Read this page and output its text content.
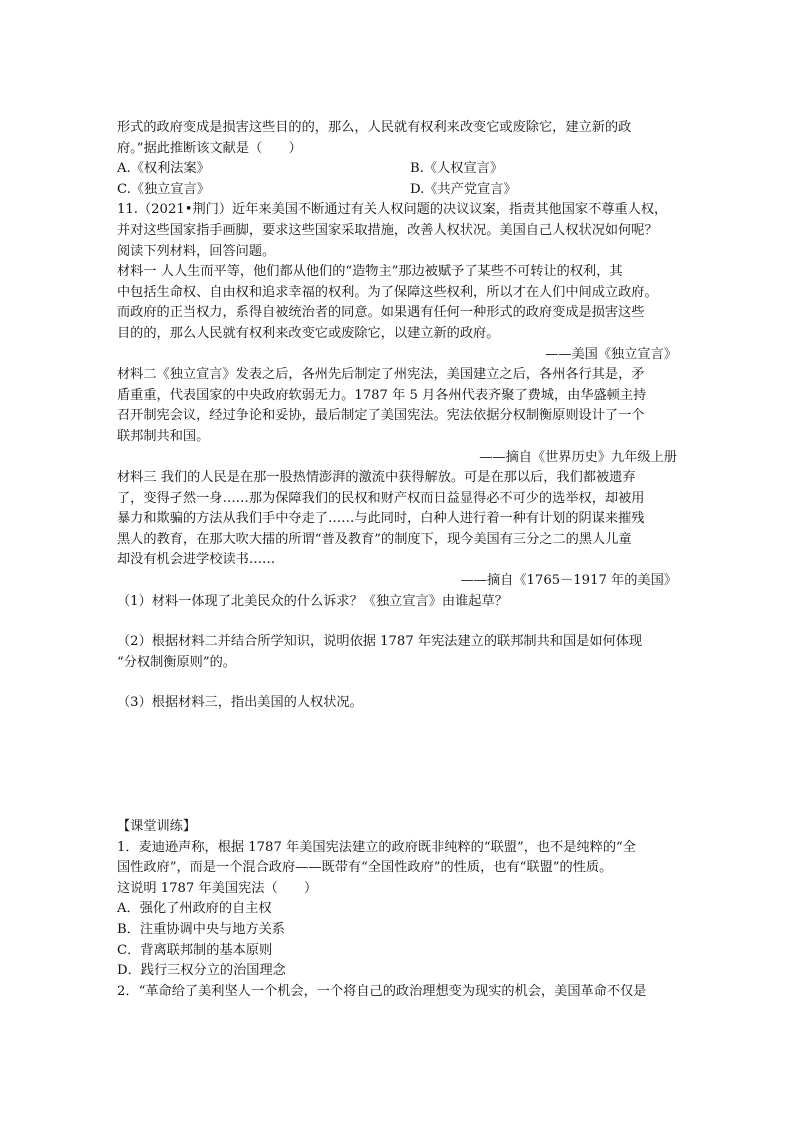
形式的政府变成是损害这些目的的，那么，人民就有权利来改变它或废除它，建立新的政
府。”据此推断该文献是（　　）
A.《权利法案》	B.《人权宣言》
C.《独立宣言》	D.《共产党宣言》
11.（2021•荆门）近年来美国不断通过有关人权问题的决议议案，指责其他国家不尊重人权，
并对这些国家指手画脚，要求这些国家采取措施，改善人权状况。美国自己人权状况如何呢？
阅读下列材料，回答问题。
材料一 人人生而平等，他们都从他们的“造物主”那边被赋予了某些不可转让的权利，其
中包括生命权、自由权和追求幸福的权利。为了保障这些权利，所以才在人们中间成立政府。
而政府的正当权力，系得自被统治者的同意。如果遇有任何一种形式的政府变成是损害这些
目的的，那么人民就有权利来改变它或废除它，以建立新的政府。
——美国《独立宣言》
材料二《独立宣言》发表之后，各州先后制定了州宪法，美国建立之后，各州各行其是，矛
盾重重，代表国家的中央政府软弱无力。1787 年 5 月各州代表齐聚了费城，由华盛顿主持
召开制宪会议，经过争论和妥协，最后制定了美国宪法。宪法依据分权制衡原则设计了一个
联邦制共和国。
——摘自《世界历史》九年级上册
材料三 我们的人民是在那一股热情澎湃的激流中获得解放。可是在那以后，我们都被遗弃
了，变得孑然一身……那为保障我们的民权和财产权而日益显得必不可少的选举权，却被用
暴力和欺骗的方法从我们手中夺走了……与此同时，白种人进行着一种有计划的阴谋来摧残
黑人的教育，在那大吹大擂的所谓“普及教育”的制度下，现今美国有三分之二的黑人儿童
却没有机会进学校读书……
——摘自《1765－1917 年的美国》
（1）材料一体现了北美民众的什么诉求？《独立宣言》由谁起草？
（2）根据材料二并结合所学知识，说明依据 1787 年宪法建立的联邦制共和国是如何体现
“分权制衡原则”的。
（3）根据材料三，指出美国的人权状况。
【课堂训练】
1．麦迪逊声称，根据 1787 年美国宪法建立的政府既非纯粹的“联盟”，也不是纯粹的“全
国性政府”，而是一个混合政府——既带有“全国性政府”的性质，也有“联盟”的性质。
这说明 1787 年美国宪法（　　）
A．强化了州政府的自主权
B．注重协调中央与地方关系
C．背离联邦制的基本原则
D．践行三权分立的治国理念
2．“革命给了美利坚人一个机会，一个将自己的政治理想变为现实的机会，美国革命不仅是
